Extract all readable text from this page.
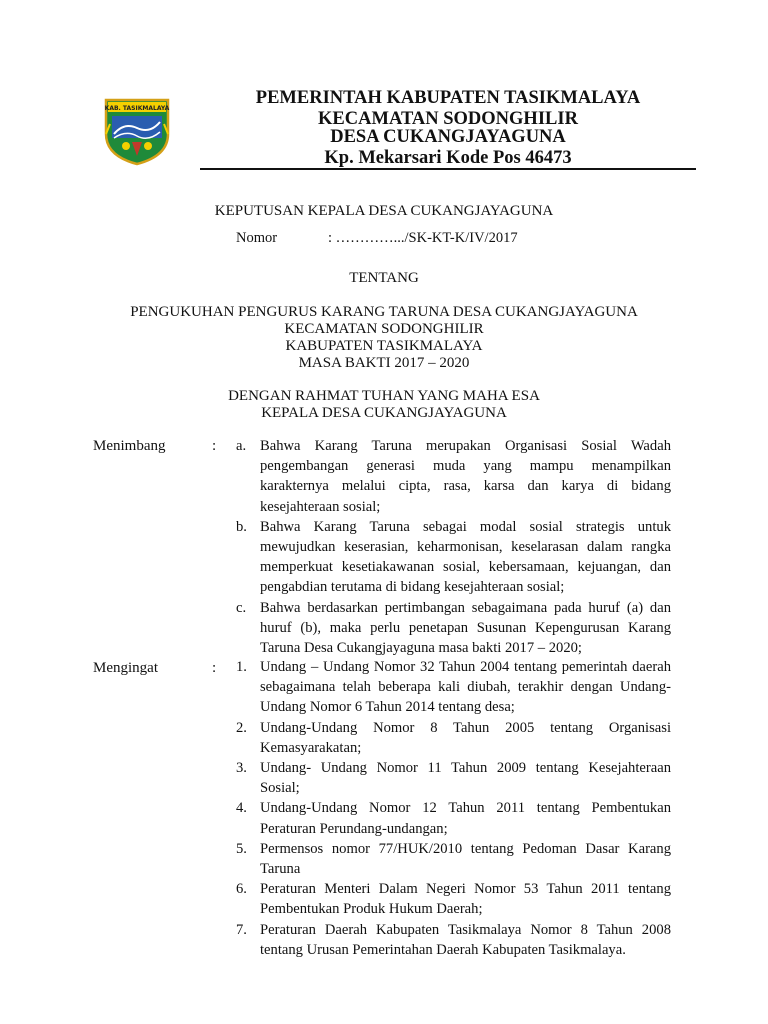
KAB. TASIKMALAYA
PEMERINTAH KABUPATEN TASIKMALAYA
KECAMATAN SODONGHILIR
DESA CUKANGJAYAGUNA
Kp. Mekarsari Kode Pos 46473
KEPUTUSAN KEPALA DESA CUKANGJAYAGUNA
Nomor	: ………….../SK-KT-K/IV/2017
TENTANG
PENGUKUHAN PENGURUS KARANG TARUNA DESA CUKANGJAYAGUNA
KECAMATAN SODONGHILIR
KABUPATEN TASIKMALAYA
MASA BAKTI 2017 – 2020
DENGAN RAHMAT TUHAN YANG MAHA ESA
KEPALA DESA CUKANGJAYAGUNA
Menimbang	: a. Bahwa Karang Taruna merupakan Organisasi Sosial Wadah pengembangan generasi muda yang mampu menampilkan karakternya melalui cipta, rasa, karsa dan karya di bidang kesejahteraan sosial;
b. Bahwa Karang Taruna sebagai modal sosial strategis untuk mewujudkan keserasian, keharmonisan, keselarasan dalam rangka memperkuat kesetiakawanan sosial, kebersamaan, kejuangan, dan pengabdian terutama di bidang kesejahteraan sosial;
c. Bahwa berdasarkan pertimbangan sebagaimana pada huruf (a) dan huruf (b), maka perlu penetapan Susunan Kepengurusan Karang Taruna Desa Cukangjayaguna masa bakti 2017 – 2020;
Mengingat	: 1. Undang – Undang Nomor 32 Tahun 2004 tentang pemerintah daerah sebagaimana telah beberapa kali diubah, terakhir dengan Undang-Undang Nomor 6 Tahun 2014 tentang desa;
2. Undang-Undang Nomor 8 Tahun 2005 tentang Organisasi Kemasyarakatan;
3. Undang- Undang Nomor 11 Tahun 2009 tentang Kesejahteraan Sosial;
4. Undang-Undang Nomor 12 Tahun 2011 tentang Pembentukan Peraturan Perundang-undangan;
5. Permensos nomor 77/HUK/2010 tentang Pedoman Dasar Karang Taruna
6. Peraturan Menteri Dalam Negeri Nomor 53 Tahun 2011 tentang Pembentukan Produk Hukum Daerah;
7. Peraturan Daerah Kabupaten Tasikmalaya Nomor 8 Tahun 2008 tentang Urusan Pemerintahan Daerah Kabupaten Tasikmalaya.
